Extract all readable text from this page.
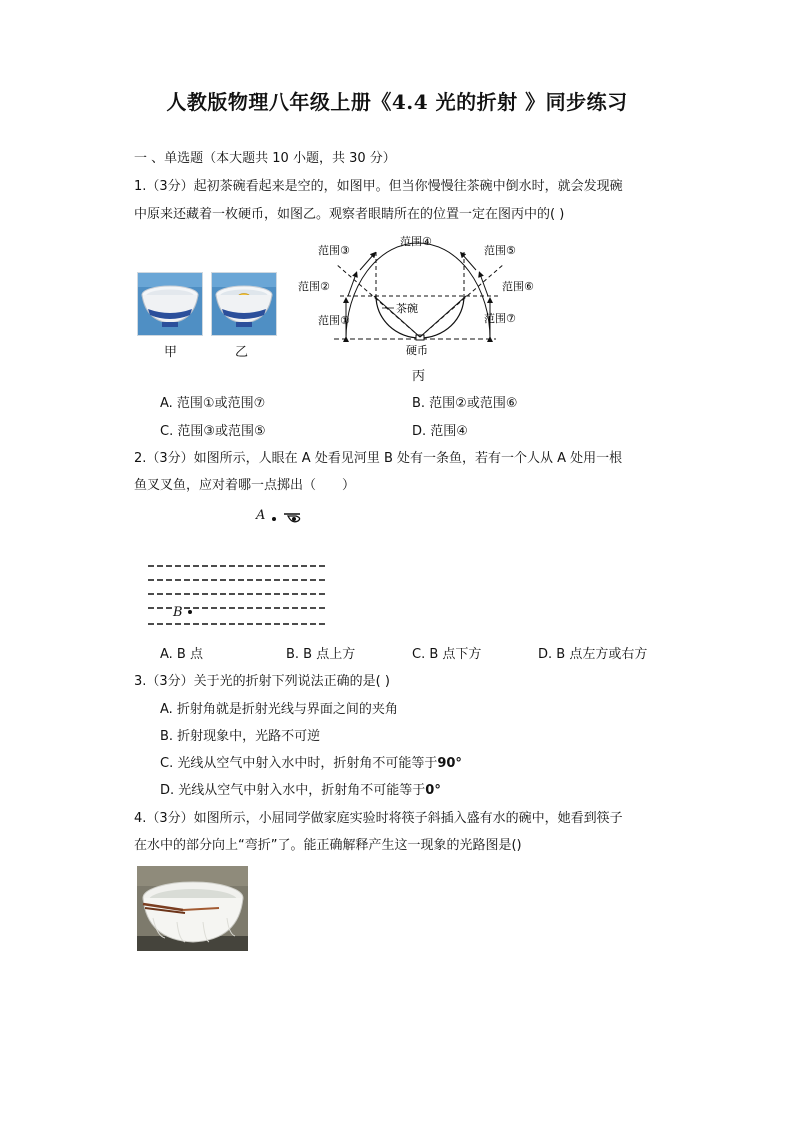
人教版物理八年级上册《4.4 光的折射 》同步练习
一 、单选题（本大题共 10 小题，共 30 分）
1.（3分）起初茶碗看起来是空的，如图甲。但当你慢慢往茶碗中倒水时，就会发现碗
中原来还藏着一枚硬币，如图乙。观察者眼睛所在的位置一定在图丙中的( )
甲	乙
范围③
范围④
范围⑤
范围②	范围⑥
范围①	范围⑦
茶碗
硬币
丙
A. 范围①或范围⑦	B. 范围②或范围⑥
C. 范围③或范围⑤	D. 范围④
2.（3分）如图所示，人眼在 A 处看见河里 B 处有一条鱼，若有一个人从 A 处用一根
鱼叉叉鱼，应对着哪一点掷出（　　）
A
B
A. B 点	B. B 点上方	C. B 点下方	D. B 点左方或右方
3.（3分）关于光的折射下列说法正确的是( )
A. 折射角就是折射光线与界面之间的夹角
B. 折射现象中，光路不可逆
C. 光线从空气中射入水中时，折射角不可能等于90°
D. 光线从空气中射入水中，折射角不可能等于0°
4.（3分）如图所示，小屈同学做家庭实验时将筷子斜插入盛有水的碗中，她看到筷子
在水中的部分向上“弯折”了。能正确解释产生这一现象的光路图是()
